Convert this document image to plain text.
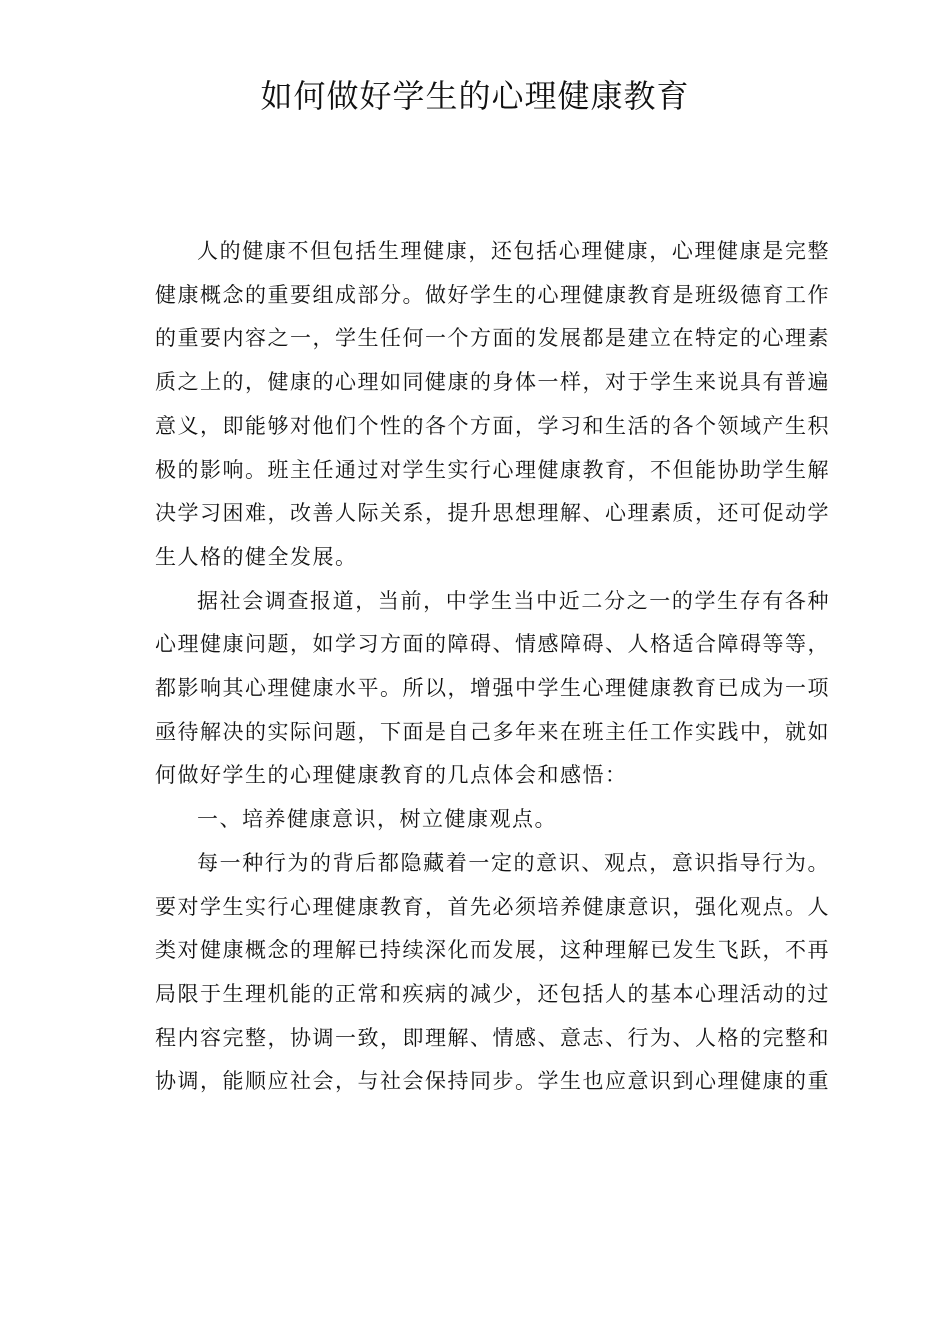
如何做好学生的心理健康教育

人的健康不但包括生理健康，还包括心理健康，心理健康是完整健康概念的重要组成部分。做好学生的心理健康教育是班级德育工作的重要内容之一，学生任何一个方面的发展都是建立在特定的心理素质之上的，健康的心理如同健康的身体一样，对于学生来说具有普遍意义，即能够对他们个性的各个方面，学习和生活的各个领域产生积极的影响。班主任通过对学生实行心理健康教育，不但能协助学生解决学习困难，改善人际关系，提升思想理解、心理素质，还可促动学生人格的健全发展。

据社会调查报道，当前，中学生当中近二分之一的学生存有各种心理健康问题，如学习方面的障碍、情感障碍、人格适合障碍等等，都影响其心理健康水平。所以，增强中学生心理健康教育已成为一项亟待解决的实际问题，下面是自己多年来在班主任工作实践中，就如何做好学生的心理健康教育的几点体会和感悟：

一、培养健康意识，树立健康观点。

每一种行为的背后都隐藏着一定的意识、观点，意识指导行为。要对学生实行心理健康教育，首先必须培养健康意识，强化观点。人类对健康概念的理解已持续深化而发展，这种理解已发生飞跃，不再局限于生理机能的正常和疾病的减少，还包括人的基本心理活动的过程内容完整，协调一致，即理解、情感、意志、行为、人格的完整和协调，能顺应社会，与社会保持同步。学生也应意识到心理健康的重
